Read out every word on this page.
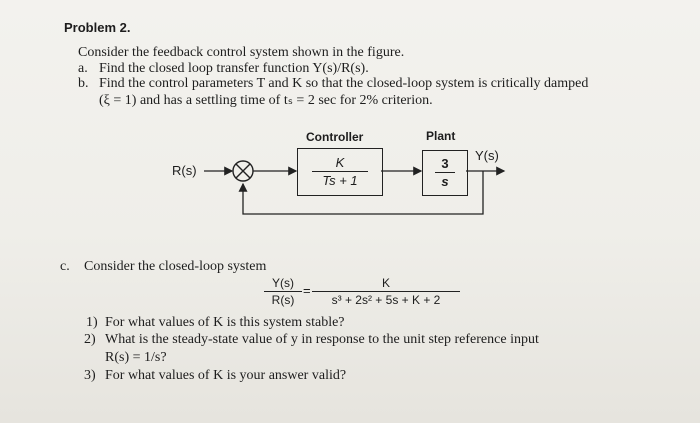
Problem 2.
Consider the feedback control system shown in the figure.
a. Find the closed loop transfer function Y(s)/R(s).
b. Find the control parameters T and K so that the closed-loop system is critically damped
(ξ = 1) and has a settling time of tₛ = 2 sec for 2% criterion.
Controller	Plant
R(s)
Y(s)
K
Ts + 1
3
s
c. Consider the closed-loop system
Y(s)
R(s)
=	K
s³ + 2s² + 5s + K + 2
1) For what values of K is this system stable?
2) What is the steady-state value of y in response to the unit step reference input
R(s) = 1/s?
3) For what values of K is your answer valid?
